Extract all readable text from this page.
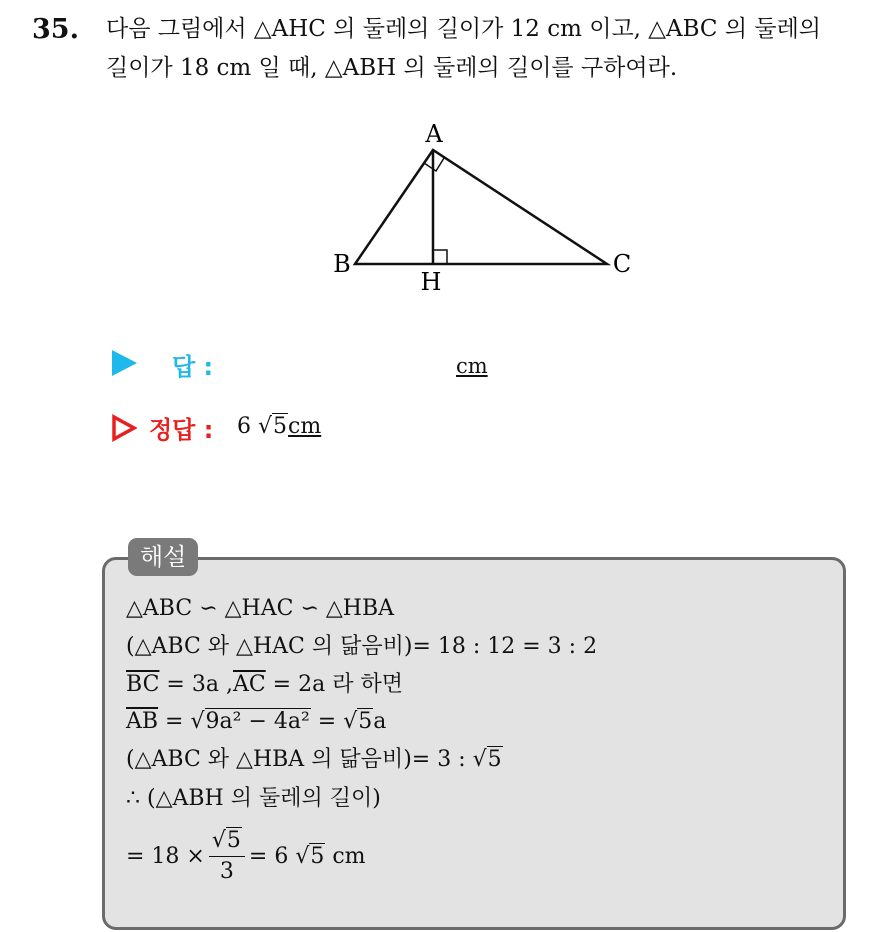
35. 다음 그림에서 △AHC 의 둘레의 길이가 12 cm 이고, △ABC 의 둘레의
길이가 18 cm 일 때, △ABH 의 둘레의 길이를 구하여라.
A
B	C
H
답 :	cm
정답 : 6 √5cm
해설
△ABC ∽ △HAC ∽ △HBA
(△ABC 와 △HAC 의 닮음비)= 18 : 12 = 3 : 2
$\overline{BC} = 3a$ $,\overline{AC} = 2a$ 라 하면
$\overline{AB} = √9a^2 - 4a^2 = √5a$
(△ABC 와 △HBA 의 닮음비)= 3 : √5
∴ (△ABH 의 둘레의 길이)
= $18 \times \frac{√5}{3} = 6$ √5 cm
